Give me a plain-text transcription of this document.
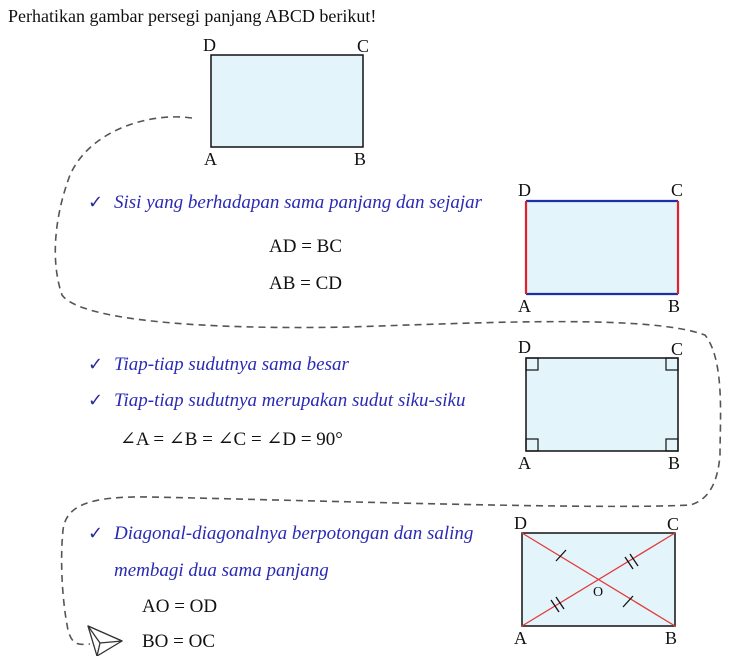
Perhatikan gambar persegi panjang ABCD berikut!
D	C
A	B
✓ Sisi yang berhadapan sama panjang dan sejajar
AD = BC
AB = CD
D	C
A	B
✓ Tiap-tiap sudutnya sama besar
✓ Tiap-tiap sudutnya merupakan sudut siku-siku
∠A = ∠B = ∠C = ∠D = 90°
D	C
A	B
✓ Diagonal-diagonalnya berpotongan dan saling
membagi dua sama panjang
AO = OD
BO = OC
D	C
A	B
O
